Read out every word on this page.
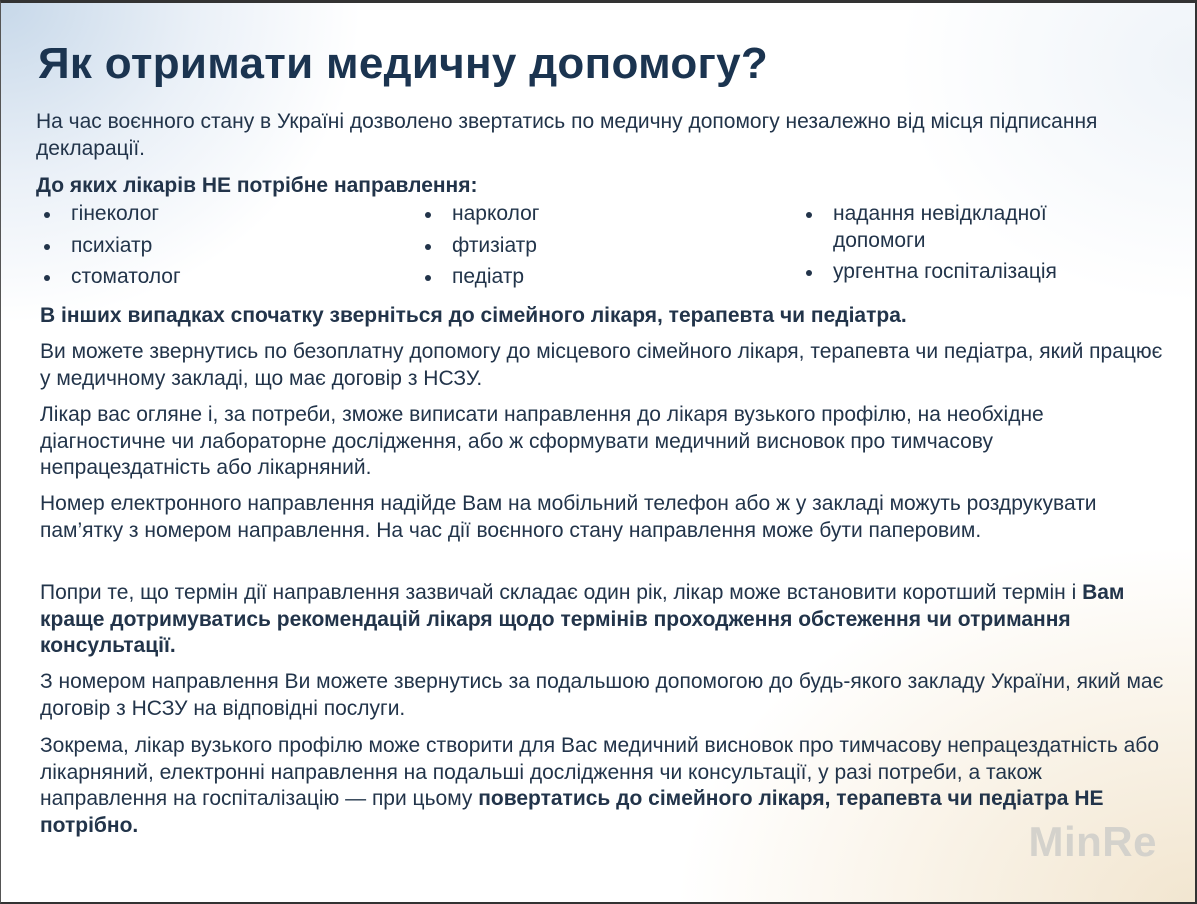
Як отримати медичну допомогу?

На час воєнного стану в Україні дозволено звертатись по медичну допомогу незалежно від місця підписання декларації.

До яких лікарів НЕ потрібне направлення:

гінеколог
психіатр
стоматолог
нарколог
фтизіатр
педіатр
надання невідкладної допомоги
ургентна госпіталізація

В інших випадках спочатку зверніться до сімейного лікаря, терапевта чи педіатра.

Ви можете звернутись по безоплатну допомогу до місцевого сімейного лікаря, терапевта чи педіатра, який працює у медичному закладі, що має договір з НСЗУ.

Лікар вас огляне і, за потреби, зможе виписати направлення до лікаря вузького профілю, на необхідне діагностичне чи лабораторне дослідження, або ж сформувати медичний висновок про тимчасову непрацездатність або лікарняний.

Номер електронного направлення надійде Вам на мобільний телефон або ж у закладі можуть роздрукувати пам’ятку з номером направлення. На час дії воєнного стану направлення може бути паперовим.

Попри те, що термін дії направлення зазвичай складає один рік, лікар може встановити коротший термін і Вам краще дотримуватись рекомендацій лікаря щодо термінів проходження обстеження чи отримання консультації.

З номером направлення Ви можете звернутись за подальшою допомогою до будь-якого закладу України, який має договір з НСЗУ на відповідні послуги.

Зокрема, лікар вузького профілю може створити для Вас медичний висновок про тимчасову непрацездатність або лікарняний, електронні направлення на подальші дослідження чи консультації, у разі потреби, а також направлення на госпіталізацію — при цьому повертатись до сімейного лікаря, терапевта чи педіатра НЕ потрібно.	MinRe
